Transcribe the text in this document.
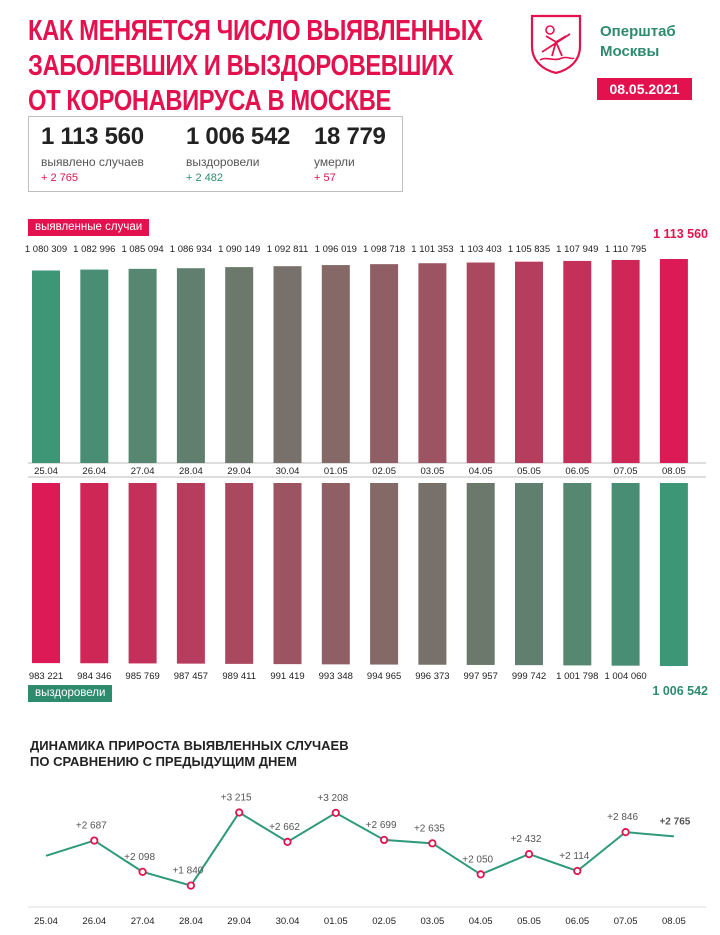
КАК МЕНЯЕТСЯ ЧИСЛО ВЫЯВЛЕННЫХ
ЗАБОЛЕВШИХ И ВЫЗДОРОВЕВШИХ
ОТ КОРОНАВИРУСА В МОСКВЕ
Оперштаб
Москвы
08.05.2021
1 113 560
выявлено случаев
+ 2 765
1 006 542
выздоровели
+ 2 482
18 779
умерли
+ 57
выявленные случаи	1 113 560
выздоровели	1 006 542
ДИНАМИКА ПРИРОСТА ВЫЯВЛЕННЫХ СЛУЧАЕВ
ПО СРАВНЕНИЮ С ПРЕДЫДУЩИМ ДНЕМ
1 080 309
25.04
1 082 996
26.04
1 085 094
27.04
1 086 934
28.04
1 090 149
29.04
1 092 811
30.04
1 096 019
01.05
1 098 718
02.05
1 101 353
03.05
1 103 403
04.05
1 105 835
05.05
1 107 949
06.05
1 110 795
07.05	08.05
983 221 984 346 985 769 987 457 989 411 991 419 993 348 994 965 996 373 997 957 999 742 1 001 798 1 004 060
25.04
+2 687
26.04
+2 098
27.04
+1 840
28.04
+3 215
29.04
+2 662
30.04
+3 208
01.05
+2 699
02.05
+2 635
03.05
+2 050
04.05
+2 432
05.05
+2 114
06.05
+2 846
07.05
+2 765
08.05
